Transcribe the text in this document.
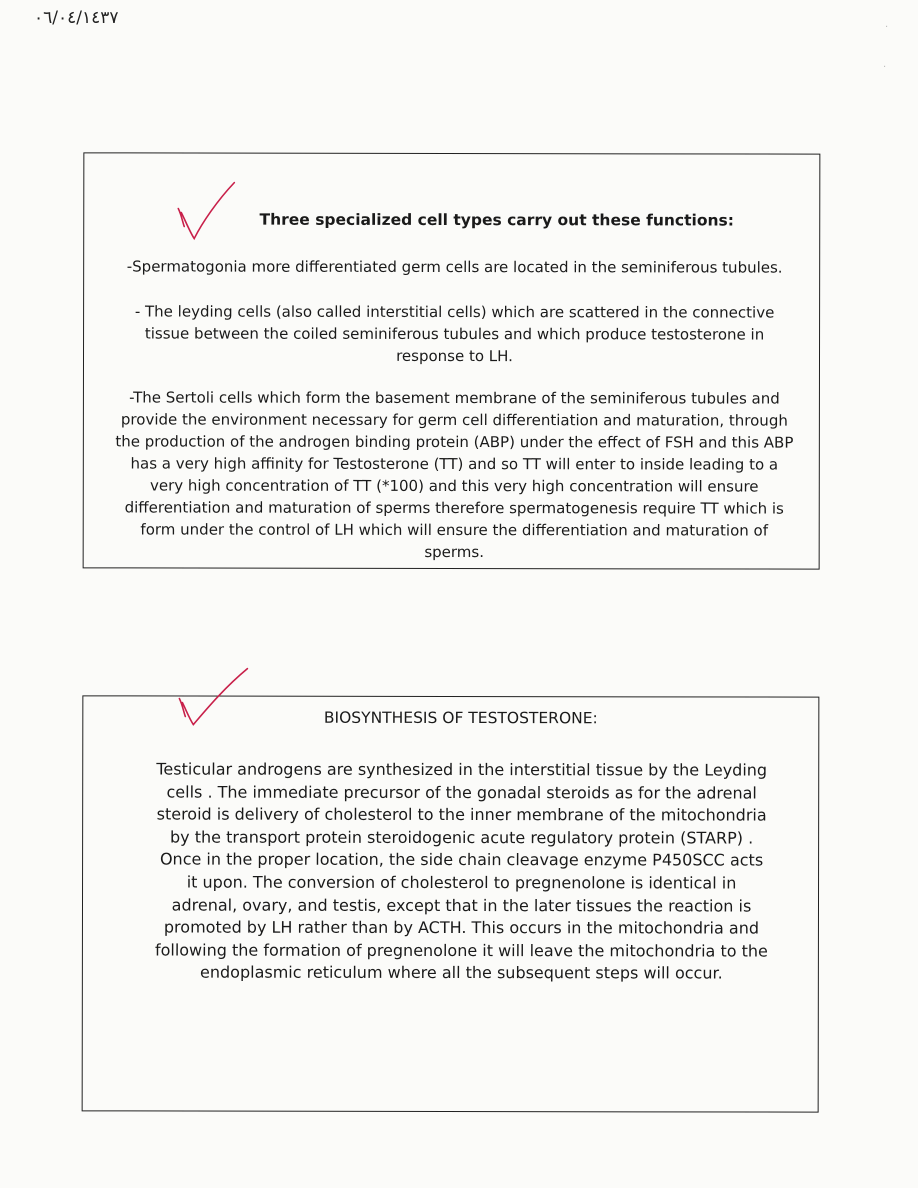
٠٦/٠٤/١٤٣٧	·
·
Three specialized cell types carry out these functions:
-Spermatogonia more differentiated germ cells are located in the seminiferous tubules.
- The leyding cells (also called interstitial cells) which are scattered in the connective tissue between the coiled seminiferous tubules and which produce testosterone in response to LH.
-The Sertoli cells which form the basement membrane of the seminiferous tubules and provide the environment necessary for germ cell differentiation and maturation, through the production of the androgen binding protein (ABP) under the effect of FSH and this ABP has a very high affinity for Testosterone (TT) and so TT will enter to inside leading to a very high concentration of TT (*100) and this very high concentration will ensure differentiation and maturation of sperms therefore spermatogenesis require TT which is form under the control of LH which will ensure the differentiation and maturation of sperms.
BIOSYNTHESIS OF TESTOSTERONE:
Testicular androgens are synthesized in the interstitial tissue by the Leyding cells . The immediate precursor of the gonadal steroids as for the adrenal steroid is delivery of cholesterol to the inner membrane of the mitochondria by the transport protein steroidogenic acute regulatory protein (STARP) . Once in the proper location, the side chain cleavage enzyme P450SCC acts it upon. The conversion of cholesterol to pregnenolone is identical in adrenal, ovary, and testis, except that in the later tissues the reaction is promoted by LH rather than by ACTH. This occurs in the mitochondria and following the formation of pregnenolone it will leave the mitochondria to the endoplasmic reticulum where all the subsequent steps will occur.
